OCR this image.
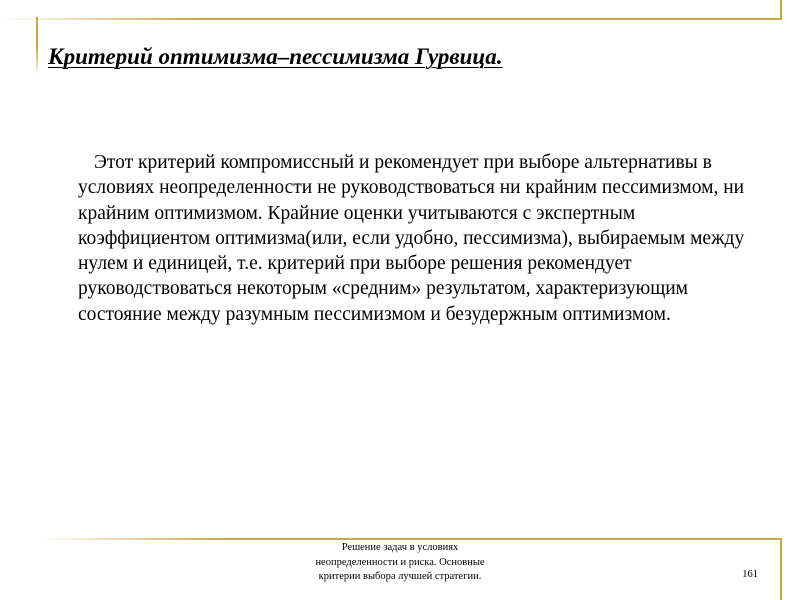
Критерий оптимизма–пессимизма Гурвица.

Этот критерий компромиссный и рекомендует при выборе альтернативы в условиях неопределенности не руководствоваться ни крайним пессимизмом, ни крайним оптимизмом. Крайние оценки учитываются с экспертным коэффициентом оптимизма(или, если удобно, пессимизма), выбираемым между нулем и единицей, т.е. критерий при выборе решения рекомендует руководствоваться некоторым «средним» результатом, характеризующим состояние между разумным пессимизмом и безудержным оптимизмом.

Решение задач в условиях
неопределенности и риска. Основные
критерии выбора лучшей стратегии.	161
